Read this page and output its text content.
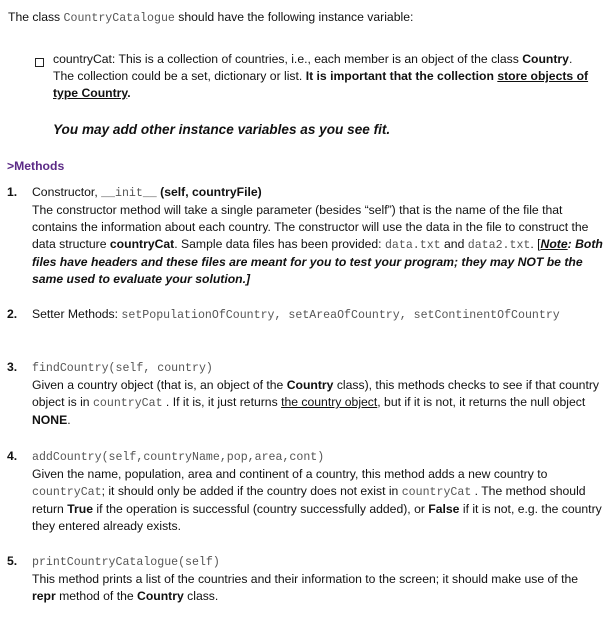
The class CountryCatalogue should have the following instance variable:
countryCat: This is a collection of countries, i.e., each member is an object of the class Country. The collection could be a set, dictionary or list. It is important that the collection store objects of type Country.
You may add other instance variables as you see fit.
>Methods
1. Constructor, __init__ (self, countryFile)
The constructor method will take a single parameter (besides “self”) that is the name of the file that contains the information about each country. The constructor will use the data in the file to construct the data structure countryCat. Sample data files has been provided: data.txt and data2.txt. [Note: Both files have headers and these files are meant for you to test your program; they may NOT be the same used to evaluate your solution.]
2. Setter Methods: setPopulationOfCountry, setAreaOfCountry, setContinentOfCountry
3. findCountry(self, country)
Given a country object (that is, an object of the Country class), this methods checks to see if that country object is in countryCat . If it is, it just returns the country object, but if it is not, it returns the null object NONE.
4. addCountry(self,countryName,pop,area,cont)
Given the name, population, area and continent of a country, this method adds a new country to countryCat; it should only be added if the country does not exist in countryCat . The method should return True if the operation is successful (country successfully added), or False if it is not, e.g. the country they entered already exists.
5. printCountryCatalogue(self)
This method prints a list of the countries and their information to the screen; it should make use of the repr method of the Country class.
